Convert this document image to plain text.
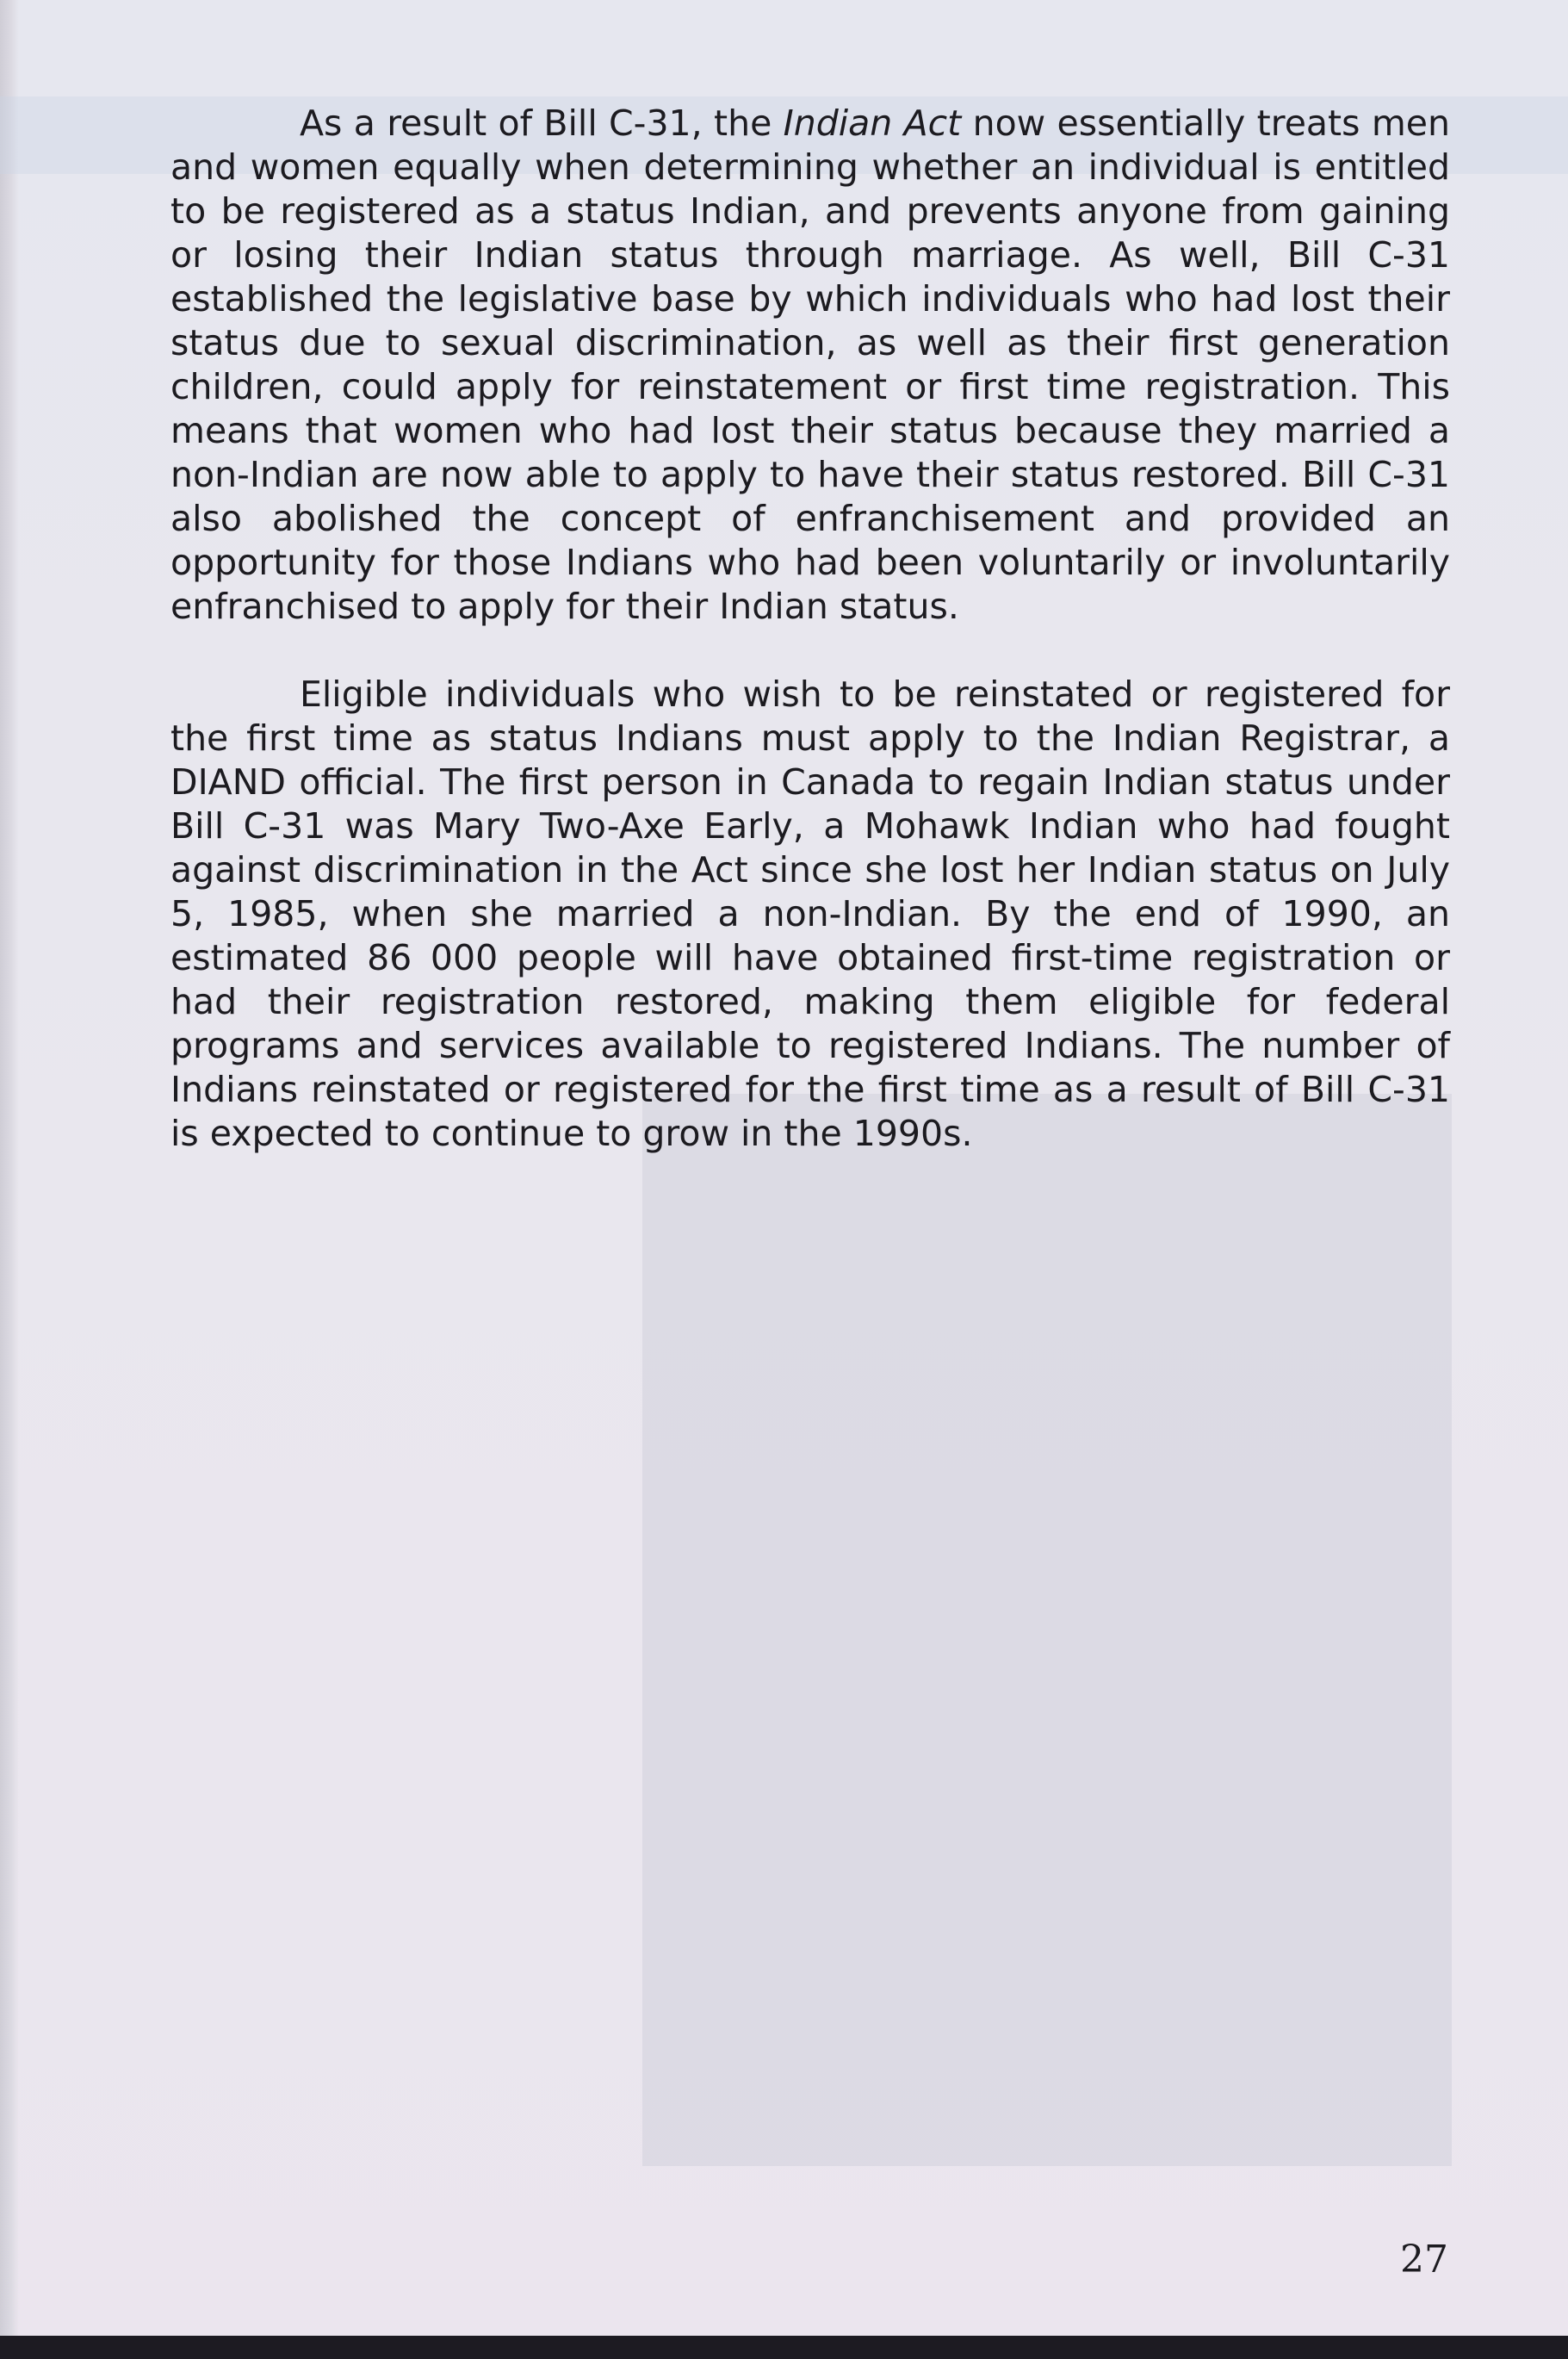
As a result of Bill C-31, the Indian Act now essentially treats men and women equally when determining whether an individual is entitled to be registered as a status Indian, and prevents anyone from gaining or losing their Indian status through marriage. As well, Bill C-31 established the legislative base by which individuals who had lost their status due to sexual discrimination, as well as their first generation children, could apply for reinstatement or first time registration. This means that women who had lost their status because they married a non-Indian are now able to apply to have their status restored. Bill C-31 also abolished the concept of enfranchisement and provided an opportunity for those Indians who had been voluntarily or involuntarily enfranchised to apply for their Indian status.

Eligible individuals who wish to be reinstated or registered for the first time as status Indians must apply to the Indian Registrar, a DIAND official. The first person in Canada to regain Indian status under Bill C-31 was Mary Two-Axe Early, a Mohawk Indian who had fought against discrimination in the Act since she lost her Indian status on July 5, 1985, when she married a non-Indian. By the end of 1990, an estimated 86 000 people will have obtained first-time registration or had their registration restored, making them eligible for federal programs and services available to registered Indians. The number of Indians reinstated or registered for the first time as a result of Bill C-31 is expected to continue to grow in the 1990s.

27
